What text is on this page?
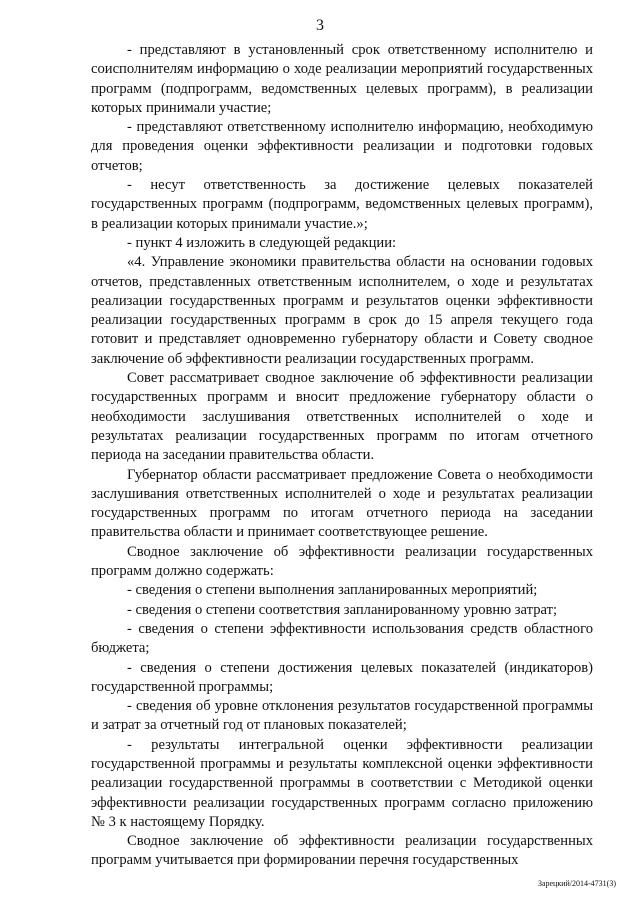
3

- представляют в установленный срок ответственному исполнителю и соисполнителям информацию о ходе реализации мероприятий государственных программ (подпрограмм, ведомственных целевых программ), в реализации которых принимали участие;

- представляют ответственному исполнителю информацию, необходимую для проведения оценки эффективности реализации и подготовки годовых отчетов;

- несут ответственность за достижение целевых показателей государственных программ (подпрограмм, ведомственных целевых программ), в реализации которых принимали участие.»;

- пункт 4 изложить в следующей редакции:

«4. Управление экономики правительства области на основании годовых отчетов, представленных ответственным исполнителем, о ходе и результатах реализации государственных программ и результатов оценки эффективности реализации государственных программ в срок до 15 апреля текущего года готовит и представляет одновременно губернатору области и Совету сводное заключение об эффективности реализации государственных программ.

Совет рассматривает сводное заключение об эффективности реализации государственных программ и вносит предложение губернатору области о необходимости заслушивания ответственных исполнителей о ходе и результатах реализации государственных программ по итогам отчетного периода на заседании правительства области.

Губернатор области рассматривает предложение Совета о необходимости заслушивания ответственных исполнителей о ходе и результатах реализации государственных программ по итогам отчетного периода на заседании правительства области и принимает соответствующее решение.

Сводное заключение об эффективности реализации государственных программ должно содержать:

- сведения о степени выполнения запланированных мероприятий;

- сведения о степени соответствия запланированному уровню затрат;

- сведения о степени эффективности использования средств областного бюджета;

- сведения о степени достижения целевых показателей (индикаторов) государственной программы;

- сведения об уровне отклонения результатов государственной программы и затрат за отчетный год от плановых показателей;

- результаты интегральной оценки эффективности реализации государственной программы и результаты комплексной оценки эффективности реализации государственной программы в соответствии с Методикой оценки эффективности реализации государственных программ согласно приложению № 3 к настоящему Порядку.

Сводное заключение об эффективности реализации государственных программ учитывается при формировании перечня государственных

Зарецкий/2014-4731(3)
